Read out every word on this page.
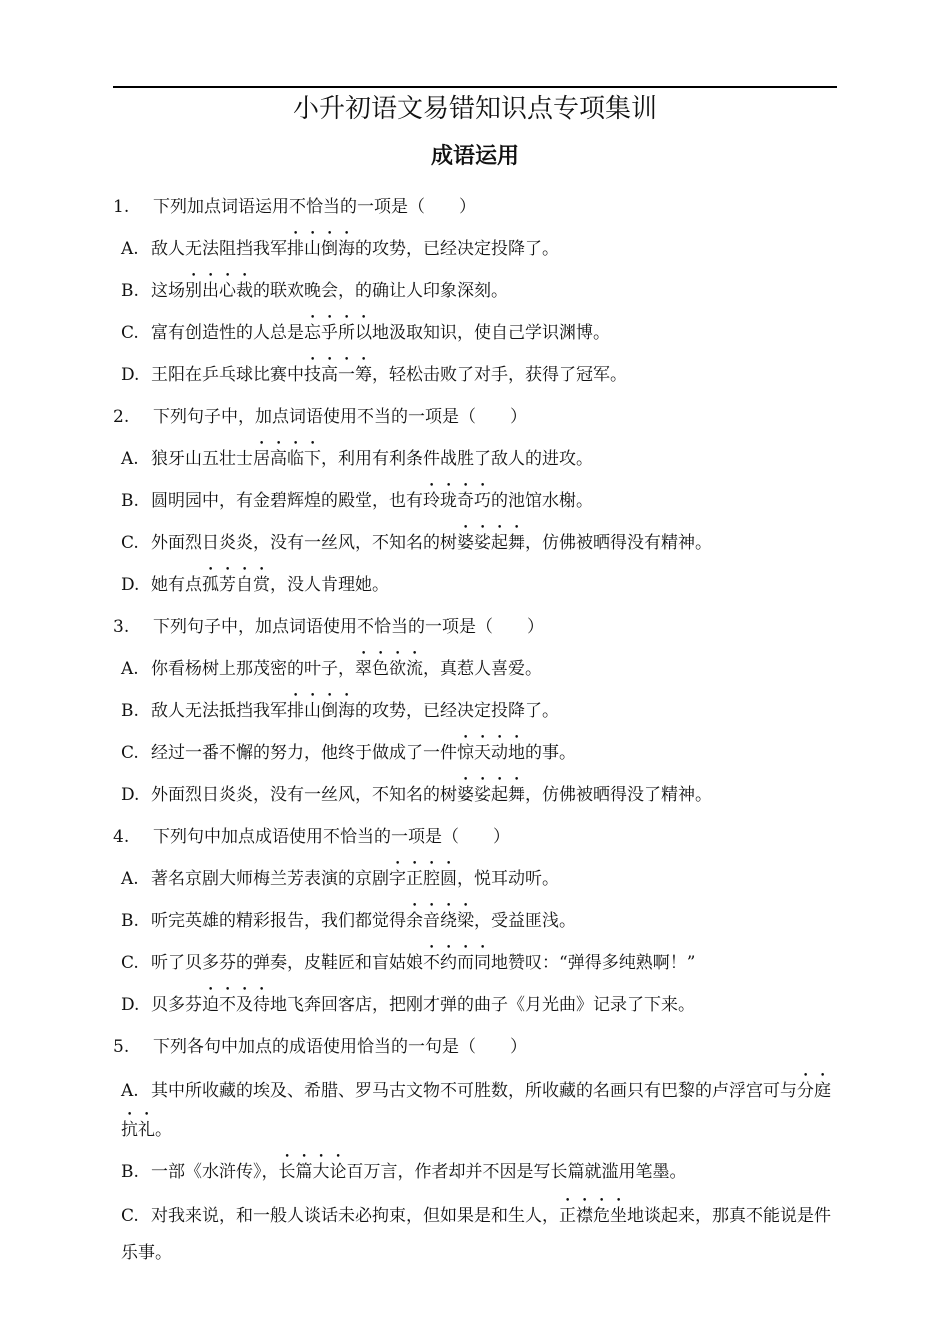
小升初语文易错知识点专项集训
成语运用
1. 下列加点词语运用不恰当的一项是（　　）
A. 敌人无法阻挡我军排山倒海的攻势，已经决定投降了。
B. 这场别出心裁的联欢晚会，的确让人印象深刻。
C. 富有创造性的人总是忘乎所以地汲取知识，使自己学识渊博。
D. 王阳在乒乓球比赛中技高一筹，轻松击败了对手，获得了冠军。
2. 下列句子中，加点词语使用不当的一项是（　　）
A. 狼牙山五壮士居高临下，利用有利条件战胜了敌人的进攻。
B. 圆明园中，有金碧辉煌的殿堂，也有玲珑奇巧的池馆水榭。
C. 外面烈日炎炎，没有一丝风，不知名的树婆娑起舞，仿佛被晒得没有精神。
D. 她有点孤芳自赏，没人肯理她。
3. 下列句子中，加点词语使用不恰当的一项是（　　）
A. 你看杨树上那茂密的叶子，翠色欲流，真惹人喜爱。
B. 敌人无法抵挡我军排山倒海的攻势，已经决定投降了。
C. 经过一番不懈的努力，他终于做成了一件惊天动地的事。
D. 外面烈日炎炎，没有一丝风，不知名的树婆娑起舞，仿佛被晒得没了精神。
4. 下列句中加点成语使用不恰当的一项是（　　）
A. 著名京剧大师梅兰芳表演的京剧字正腔圆，悦耳动听。
B. 听完英雄的精彩报告，我们都觉得余音绕梁，受益匪浅。
C. 听了贝多芬的弹奏，皮鞋匠和盲姑娘不约而同地赞叹：“弹得多纯熟啊！”
D. 贝多芬迫不及待地飞奔回客店，把刚才弹的曲子《月光曲》记录了下来。
5. 下列各句中加点的成语使用恰当的一句是（　　）
A. 其中所收藏的埃及、希腊、罗马古文物不可胜数，所收藏的名画只有巴黎的卢浮宫可与分庭抗礼。
B. 一部《水浒传》，长篇大论百万言，作者却并不因是写长篇就滥用笔墨。
C. 对我来说，和一般人谈话未必拘束，但如果是和生人，正襟危坐地谈起来，那真不能说是件乐事。
